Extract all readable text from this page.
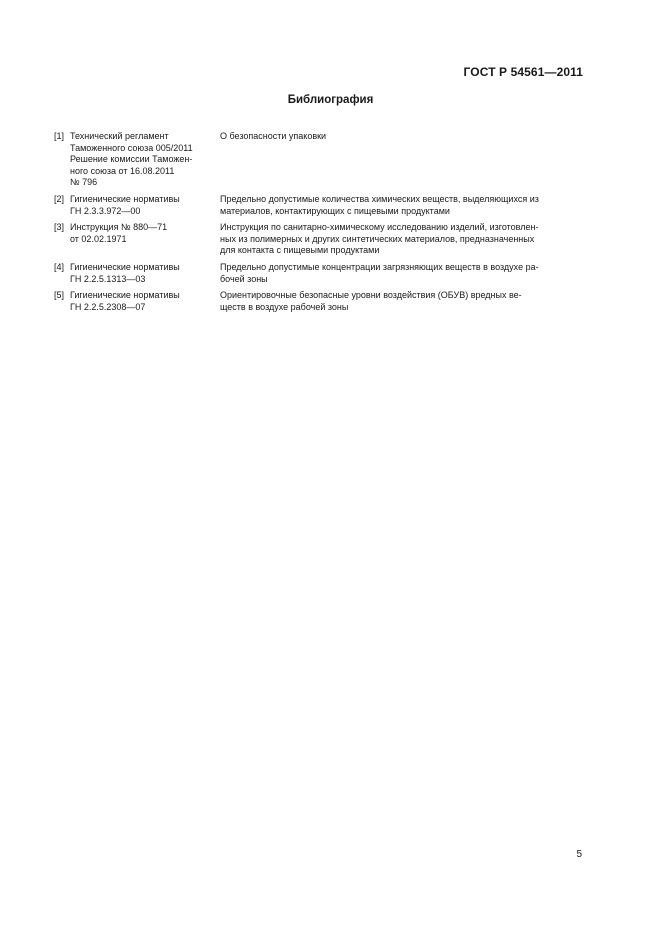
ГОСТ Р 54561—2011
Библиография
[1] Технический регламент
Таможенного союза 005/2011
Решение комиссии Таможен-
ного союза от 16.08.2011
№ 796
О безопасности упаковки
[2] Гигиенические нормативы
ГН 2.3.3.972—00
Предельно допустимые количества химических веществ, выделяющихся из
материалов, контактирующих с пищевыми продуктами
[3] Инструкция № 880—71
от 02.02.1971
Инструкция по санитарно-химическому исследованию изделий, изготовлен-
ных из полимерных и других синтетических материалов, предназначенных
для контакта с пищевыми продуктами
[4] Гигиенические нормативы
ГН 2.2.5.1313—03
Предельно допустимые концентрации загрязняющих веществ в воздухе ра-
бочей зоны
[5] Гигиенические нормативы
ГН 2.2.5.2308—07
Ориентировочные безопасные уровни воздействия (ОБУВ) вредных ве-
ществ в воздухе рабочей зоны
5
